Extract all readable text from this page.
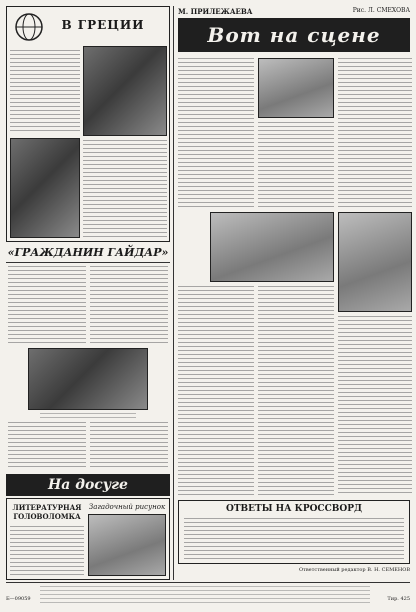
В ГРЕЦИИ
«ГРАЖДАНИН ГАЙДАР»
На досуге
ЛИТЕРАТУРНАЯ ГОЛОВОЛОМКА
Загадочный рисунок
М. ПРИЛЕЖАЕВА	Рис. Л. СМЕХОВА
Вот на сцене
ОТВЕТЫ НА КРОССВОРД
Ответственный редактор В. Н. СЕМЕНОВ
Б—09059	Тир. 425
